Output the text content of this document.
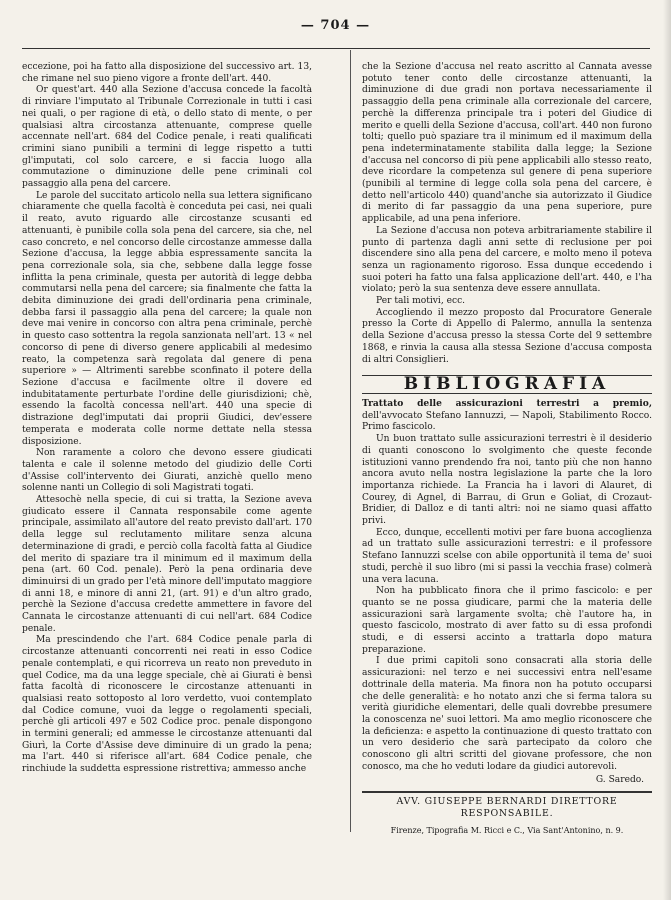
— 704 —

eccezione, poi ha fatto alla disposizione del successivo art. 13, che rimane nel suo pieno vigore a fronte dell'art. 440.

Or quest'art. 440 alla Sezione d'accusa concede la facoltà di rinviare l'imputato al Tribunale Correzionale in tutti i casi nei quali, o per ragione di età, o dello stato di mente, o per qualsiasi altra circostanza attenuante, comprese quelle accennate nell'art. 684 del Codice penale, i reati qualificati crimini siano punibili a termini di legge rispetto a tutti gl'imputati, col solo carcere, e si faccia luogo alla commutazione o diminuzione delle pene criminali col passaggio alla pena del carcere.

Le parole del succitato articolo nella sua lettera significano chiaramente che quella facoltà è conceduta pei casi, nei quali il reato, avuto riguardo alle circostanze scusanti ed attenuanti, è punibile colla sola pena del carcere, sia che, nel caso concreto, e nel concorso delle circostanze ammesse dalla Sezione d'accusa, la legge abbia espressamente sancita la pena correzionale sola, sia che, sebbene dalla legge fosse inflitta la pena criminale, questa per autorità di legge debba commutarsi nella pena del carcere; sia finalmente che fatta la debita diminuzione dei gradi dell'ordinaria pena criminale, debba farsi il passaggio alla pena del carcere; la quale non deve mai venire in concorso con altra pena criminale, perchè in questo caso sottentra la regola sanzionata nell'art. 13 « nel concorso di pene di diverso genere applicabili al medesimo reato, la competenza sarà regolata dal genere di pena superiore » — Altrimenti sarebbe sconfinato il potere della Sezione d'accusa e facilmente oltre il dovere ed indubitatamente perturbate l'ordine delle giurisdizioni; chè, essendo la facoltà concessa nell'art. 440 una specie di distrazione degl'imputati dai proprii Giudici, dev'essere temperata e moderata colle norme dettate nella stessa disposizione.

Non raramente a coloro che devono essere giudicati talenta e cale il solenne metodo del giudizio delle Corti d'Assise coll'intervento dei Giurati, anzichè quello meno solenne nanti un Collegio di soli Magistrati togati.

Attesochè nella specie, di cui si tratta, la Sezione aveva giudicato essere il Cannata responsabile come agente principale, assimilato all'autore del reato previsto dall'art. 170 della legge sul reclutamento militare senza alcuna determinazione di gradi, e perciò colla facoltà fatta al Giudice del merito di spaziare tra il minimum ed il maximum della pena (art. 60 Cod. penale). Però la pena ordinaria deve diminuirsi di un grado per l'età minore dell'imputato maggiore di anni 18, e minore di anni 21, (art. 91) e d'un altro grado, perchè la Sezione d'accusa credette ammettere in favore del Cannata le circostanze attenuanti di cui nell'art. 684 Codice penale.

Ma prescindendo che l'art. 684 Codice penale parla di circostanze attenuanti concorrenti nei reati in esso Codice penale contemplati, e qui ricorreva un reato non preveduto in quel Codice, ma da una legge speciale, chè ai Giurati è bensì fatta facoltà di riconoscere le circostanze attenuanti in qualsiasi reato sottoposto al loro verdetto, vuoi contemplato dal Codice comune, vuoi da legge o regolamenti speciali, perchè gli articoli 497 e 502 Codice proc. penale dispongono in termini generali; ed ammesse le circostanze attenuanti dal Giurì, la Corte d'Assise deve diminuire di un grado la pena; ma l'art. 440 si riferisce all'art. 684 Codice penale, che rinchiude la suddetta espressione ristrettiva; ammesso anche

che la Sezione d'accusa nel reato ascritto al Cannata avesse potuto tener conto delle circostanze attenuanti, la diminuzione di due gradi non portava necessariamente il passaggio della pena criminale alla correzionale del carcere, perchè la differenza principale tra i poteri del Giudice di merito e quelli della Sezione d'accusa, coll'art. 440 non furono tolti; quello può spaziare tra il minimum ed il maximum della pena indeterminatamente stabilita dalla legge; la Sezione d'accusa nel concorso di più pene applicabili allo stesso reato, deve ricordare la competenza sul genere di pena superiore (punibili al termine di legge colla sola pena del carcere, è detto nell'articolo 440) quand'anche sia autorizzato il Giudice di merito di far passaggio da una pena superiore, pure applicabile, ad una pena inferiore.

La Sezione d'accusa non poteva arbitrariamente stabilire il punto di partenza dagli anni sette di reclusione per poi discendere sino alla pena del carcere, e molto meno il poteva senza un ragionamento rigoroso. Essa dunque eccedendo i suoi poteri ha fatto una falsa applicazione dell'art. 440, e l'ha violato; però la sua sentenza deve essere annullata.

Per tali motivi, ecc.

Accogliendo il mezzo proposto dal Procuratore Generale presso la Corte di Appello di Palermo, annulla la sentenza della Sezione d'accusa presso la stessa Corte del 9 settembre 1868, e rinvia la causa alla stessa Sezione d'accusa composta di altri Consiglieri.

BIBLIOGRAFIA

Trattato delle assicurazioni terrestri a premio, dell'avvocato Stefano Iannuzzi, — Napoli, Stabilimento Rocco. Primo fascicolo.

Un buon trattato sulle assicurazioni terrestri è il desiderio di quanti conoscono lo svolgimento che queste feconde istituzioni vanno prendendo fra noi, tanto più che non hanno ancora avuto nella nostra legislazione la parte che la loro importanza richiede. La Francia ha i lavori di Alauret, di Courey, di Agnel, di Barrau, di Grun e Goliat, di Crozaut-Bridier, di Dalloz e di tanti altri: noi ne siamo quasi affatto privi.

Ecco, dunque, eccellenti motivi per fare buona accoglienza ad un trattato sulle assicurazioni terrestri: e il professore Stefano Iannuzzi scelse con abile opportunità il tema de' suoi studi, perchè il suo libro (mi si passi la vecchia frase) colmerà una vera lacuna.

Non ha pubblicato finora che il primo fascicolo: e per quanto se ne possa giudicare, parmi che la materia delle assicurazioni sarà largamente svolta; chè l'autore ha, in questo fascicolo, mostrato di aver fatto su di essa profondi studi, e di essersi accinto a trattarla dopo matura preparazione.

I due primi capitoli sono consacrati alla storia delle assicurazioni: nel terzo e nei successivi entra nell'esame dottrinale della materia. Ma finora non ha potuto occuparsi che delle generalità: e ho notato anzi che si ferma talora su verità giuridiche elementari, delle quali dovrebbe presumere la conoscenza ne' suoi lettori. Ma amo meglio riconoscere che la deficienza: e aspetto la continuazione di questo trattato con un vero desiderio che sarà partecipato da coloro che conoscono gli altri scritti del giovane professore, che non conosco, ma che ho veduti lodare da giudici autorevoli.

G. Saredo.
AVV. GIUSEPPE BERNARDI DIRETTORE RESPONSABILE.
Firenze, Tipografia M. Ricci e C., Via Sant'Antonino, n. 9.
